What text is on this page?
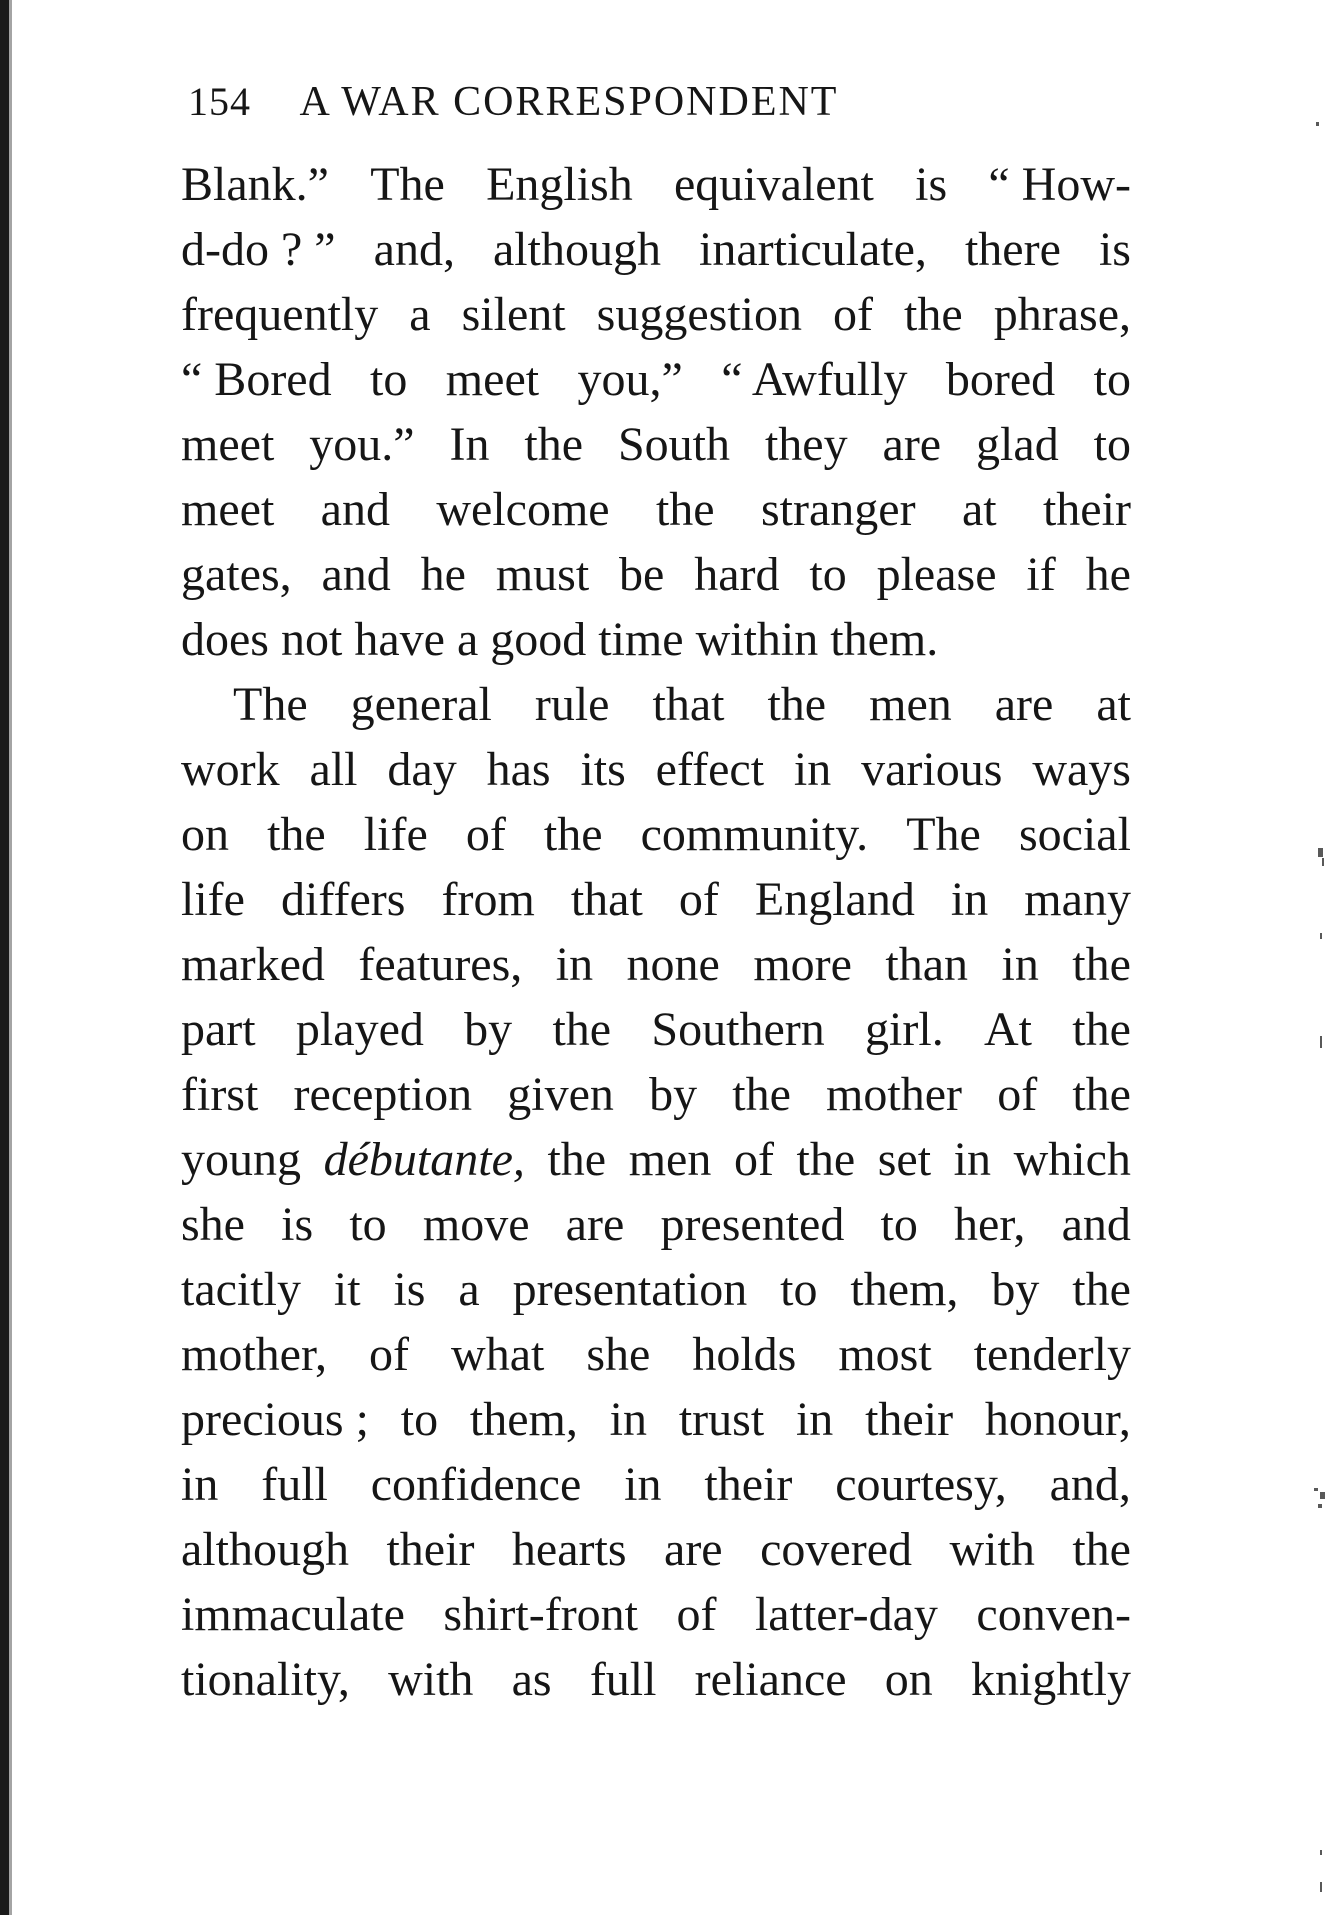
154 A WAR CORRESPONDENT
Blank.” The English equivalent is “ How-
d-do ? ” and, although inarticulate, there is
frequently a silent suggestion of the phrase,
“ Bored to meet you,” “ Awfully bored to
meet you.” In the South they are glad to
meet and welcome the stranger at their
gates, and he must be hard to please if he
does
not
have
a
good
time
within
them.
The general rule that the men are at
work all day has its effect in various ways
on the life of the community. The social
life differs from that of England in many
marked features, in none more than in the
part played by the Southern girl. At the
first reception given by the mother of the
young débutante, the men of the set in which
she is to move are presented to her, and
tacitly it is a presentation to them, by the
mother, of what she holds most tenderly
precious ; to them, in trust in their honour,
in full confidence in their courtesy, and,
although their hearts are covered with the
immaculate shirt-front of latter-day conven-
tionality, with as full reliance on knightly
